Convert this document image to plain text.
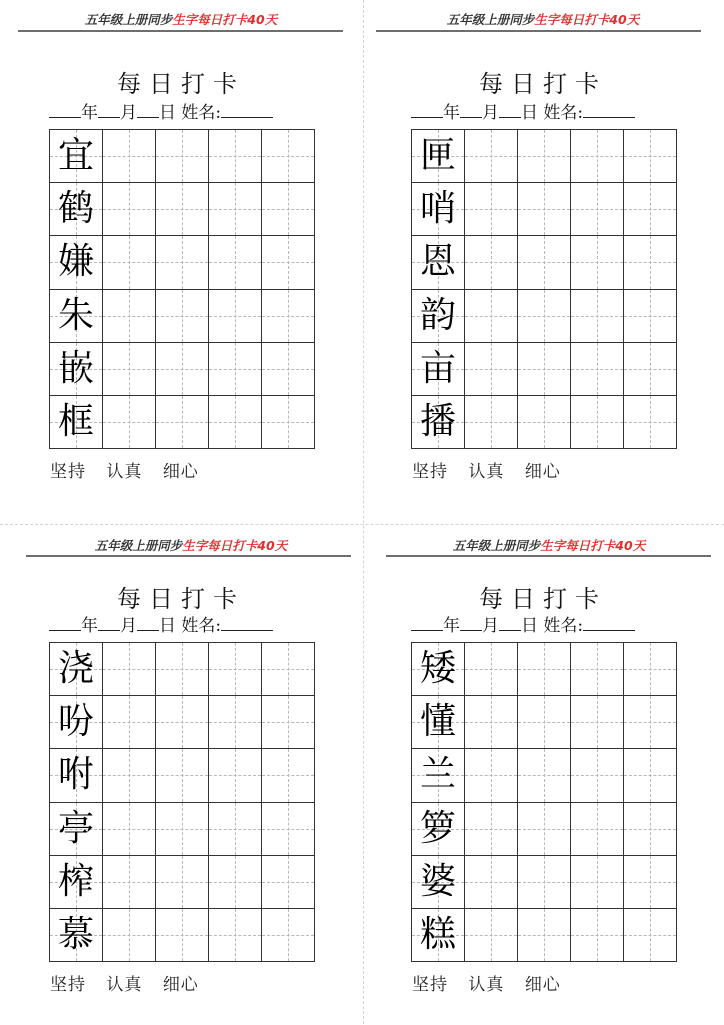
五年级上册同步生字每日打卡40天
每日打卡
年 月 日 姓名:
宜
鹤
嫌
朱
嵌
框
坚持 认真 细心
五年级上册同步生字每日打卡40天
每日打卡
年 月 日 姓名:
匣
哨
恩
韵
亩
播
坚持 认真 细心
五年级上册同步生字每日打卡40天
每日打卡
年 月 日 姓名:
浇
吩
咐
亭
榨
慕
坚持 认真 细心
五年级上册同步生字每日打卡40天
每日打卡
年 月 日 姓名:
矮
懂
兰
箩
婆
糕
坚持 认真 细心
